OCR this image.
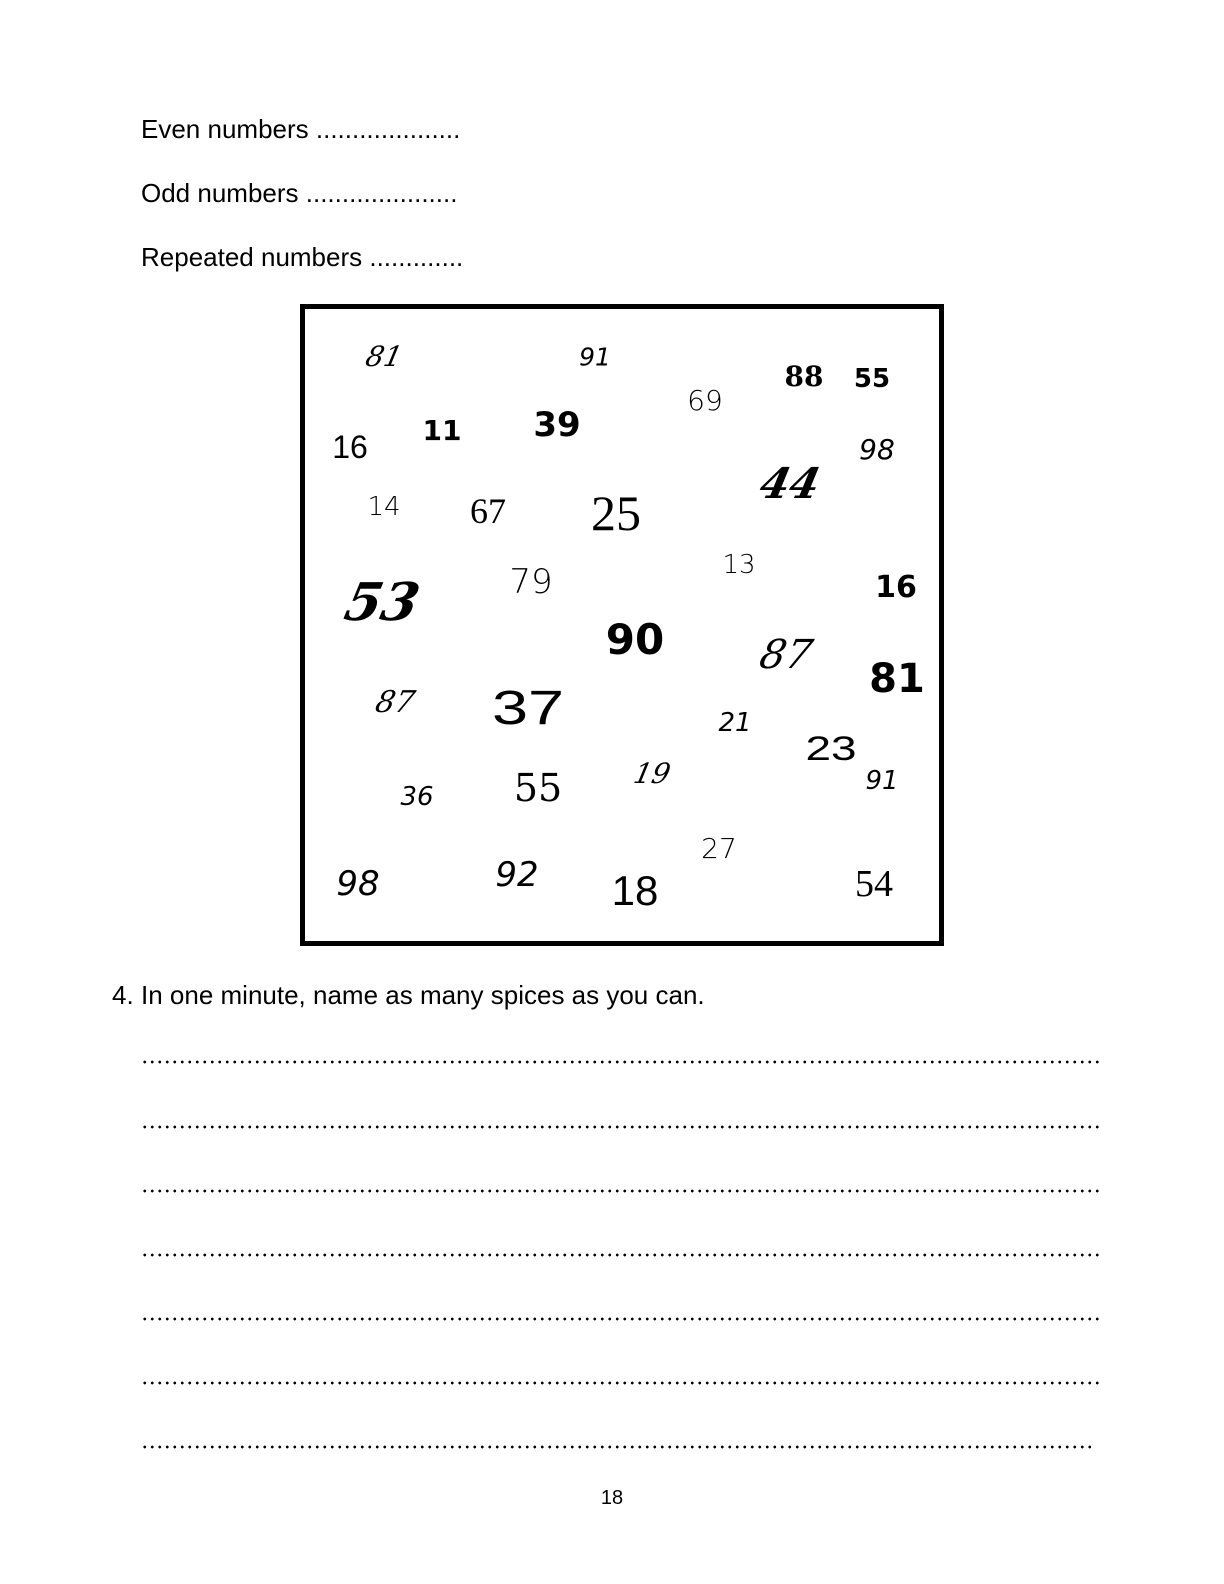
Even numbers ....................
Odd numbers .....................
Repeated numbers .............
81	91
69
88 55
16 11 39
98
44
14 67 25
13
79	16
53
90 87
81
87 37	21
23
19	91
36 55
27
98	92 18	54
4. In one minute, name as many spices as you can.
18
